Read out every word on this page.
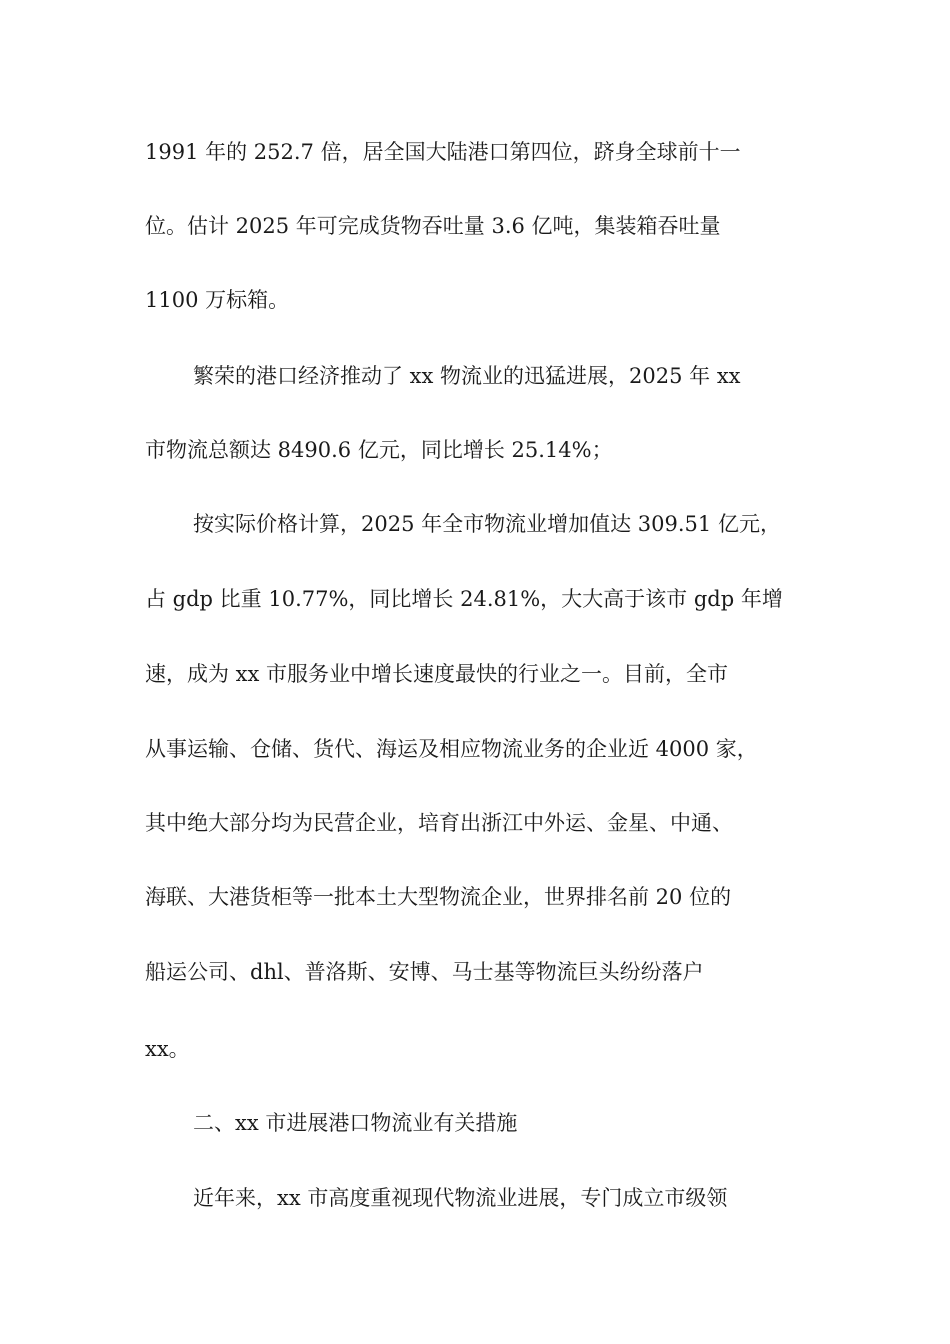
1991 年的 252.7 倍，居全国大陆港口第四位，跻身全球前十一
位。估计 2025 年可完成货物吞吐量 3.6 亿吨，集装箱吞吐量
1100 万标箱。
繁荣的港口经济推动了 xx 物流业的迅猛进展，2025 年 xx
市物流总额达 8490.6 亿元，同比增长 25.14%；
按实际价格计算，2025 年全市物流业增加值达 309.51 亿元，
占 gdp 比重 10.77%，同比增长 24.81%，大大高于该市 gdp 年增
速，成为 xx 市服务业中增长速度最快的行业之一。目前，全市
从事运输、仓储、货代、海运及相应物流业务的企业近 4000 家，
其中绝大部分均为民营企业，培育出浙江中外运、金星、中通、
海联、大港货柜等一批本土大型物流企业，世界排名前 20 位的
船运公司、dhl、普洛斯、安博、马士基等物流巨头纷纷落户
xx。
二、xx 市进展港口物流业有关措施
近年来，xx 市高度重视现代物流业进展，专门成立市级领
